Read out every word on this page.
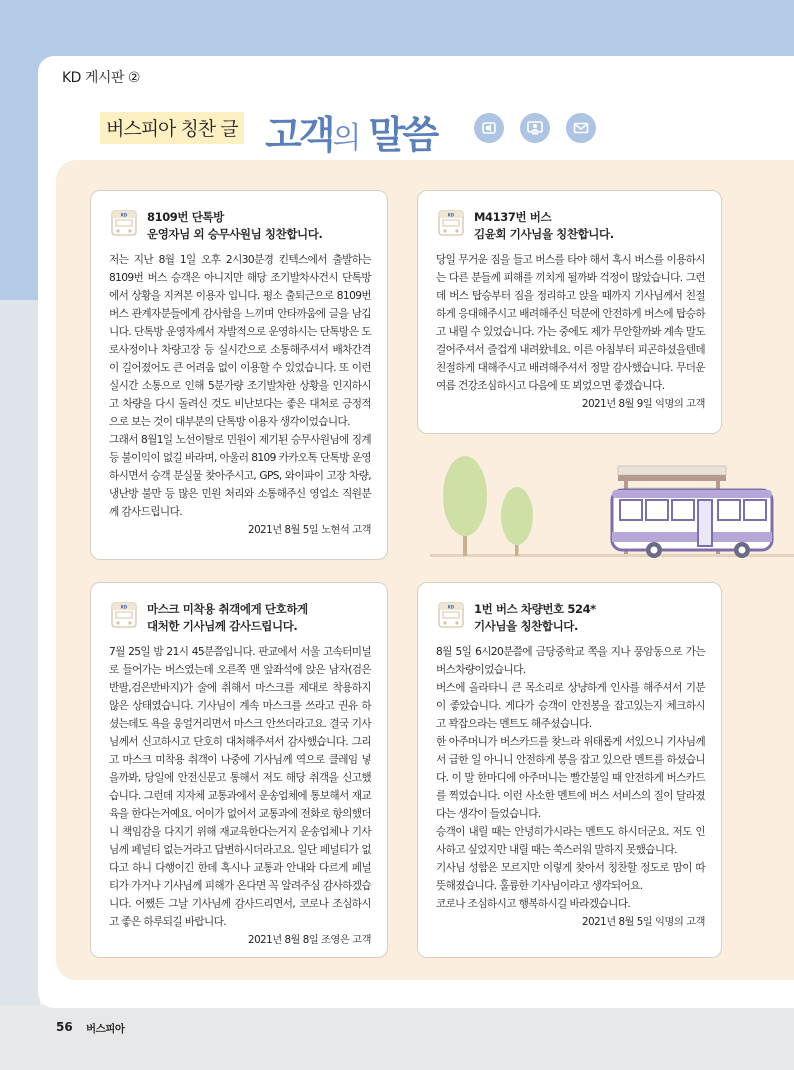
KD 게시판 ②
버스피아 칭찬 글 고객의 말씀
KD 8109번 단톡방
운영자님 외 승무사원님 칭찬합니다.

저는 지난 8월 1일 오후 2시30분경 킨텍스에서 출발하는 8109번 버스 승객은 아니지만 해당 조기발차사건시 단톡방에서 상황을 지켜본 이용자 입니다. 평소 출퇴근으로 8109번 버스 관계자분들에게 감사함을 느끼며 안타까움에 글을 남깁니다. 단톡방 운영자께서 자발적으로 운영하시는 단톡방은 도로사정이나 차량고장 등 실시간으로 소통해주셔서 배차간격이 길어졌어도 큰 어려움 없이 이용할 수 있었습니다. 또 이런 실시간 소통으로 인해 5분가량 조기발차한 상황을 인지하시고 차량을 다시 돌려신 것도 비난보다는 좋은 대처로 긍정적으로 보는 것이 대부분의 단톡방 이용자 생각이었습니다.

그래서 8월1일 노선이탈로 민원이 제기된 승무사원님에 징계 등 불이익이 없길 바라며, 아울러 8109 카카오톡 단톡방 운영하시면서 승객 분실물 찾아주시고, GPS, 와이파이 고장 차량, 냉난방 불만 등 많은 민원 처리와 소통해주신 영업소 직원분께 감사드립니다.

2021년 8월 5일 노현석 고객
KD M4137번 버스
김윤회 기사님을 칭찬합니다.

당일 무거운 짐을 들고 버스를 타야 해서 혹시 버스를 이용하시는 다른 분들께 피해를 끼치게 될까봐 걱정이 많았습니다. 그런데 버스 탑승부터 짐을 정리하고 앉을 때까지 기사님께서 친절하게 응대해주시고 배려해주신 덕분에 안전하게 버스에 탑승하고 내릴 수 있었습니다. 가는 중에도 제가 무안할까봐 계속 말도 걸어주셔서 즐겁게 내려왔네요. 이른 아침부터 피곤하셨을텐데 친절하게 대해주시고 배려해주셔서 정말 감사했습니다. 무더운 여름 건강조심하시고 다음에 또 뵈었으면 좋겠습니다.

2021년 8월 9일 익명의 고객
KD 마스크 미착용 취객에게 단호하게
대처한 기사님께 감사드립니다.

7월 25일 밤 21시 45분쯤입니다. 판교에서 서울 고속터미널로 들어가는 버스였는데 오른쪽 맨 앞좌석에 앉은 남자(검은반팔,검은반바지)가 술에 취해서 마스크를 제대로 착용하지 않은 상태였습니다. 기사님이 계속 마스크를 쓰라고 권유 하셨는데도 욕을 웅얼거리면서 마스크 안쓰더라고요. 결국 기사님께서 신고하시고 단호히 대처해주셔서 감사했습니다. 그리고 마스크 미착용 취객이 나중에 기사님께 역으로 클레임 넣을까봐, 당일에 안전신문고 통해서 저도 해당 취객을 신고했습니다. 그런데 지자체 교통과에서 운송업체에 통보해서 재교육을 한다는거예요. 어이가 없어서 교통과에 전화로 항의했더니 책임감을 다지기 위해 재교육한다는거지 운송업체나 기사님께 페널티 없는거라고 답변하시더라고요. 일단 페널티가 없다고 하니 다행이긴 한데 혹시나 교통과 안내와 다르게 페널티가 가거나 기사님께 피해가 온다면 꼭 알려주심 감사하겠습니다. 어쨌든 그날 기사님께 감사드리면서, 코로나 조심하시고 좋은 하루되길 바랍니다.

2021년 8월 8일 조영은 고객
KD 1번 버스 차량번호 524*
기사님을 칭찬합니다.

8월 5일 6시20분쯤에 금당중학교 쪽을 지나 풍암동으로 가는 버스차량이었습니다.

버스에 올라타니 큰 목소리로 상냥하게 인사를 해주셔서 기분이 좋았습니다. 게다가 승객이 안전봉을 잡고있는지 체크하시고 꽉잡으라는 멘트도 해주셨습니다.

한 아주머니가 버스카드를 찾느라 위태롭게 서있으니 기사님께서 급한 일 아니니 안전하게 봉을 잡고 있으란 멘트를 하셨습니다. 이 말 한마디에 아주머니는 빨간불일 때 안전하게 버스카드를 찍었습니다. 이런 사소한 멘트에 버스 서비스의 질이 달라졌다는 생각이 들었습니다.

승객이 내릴 때는 안녕히가시라는 멘트도 하시더군요. 저도 인사하고 싶었지만 내릴 때는 쑥스러워 말하지 못했습니다.

기사님 성함은 모르지만 이렇게 찾아서 칭찬할 정도로 맘이 따뜻해졌습니다. 훌륭한 기사님이라고 생각되어요.

코로나 조심하시고 행복하시길 바라겠습니다.

2021년 8월 5일 익명의 고객
56 버스피아
